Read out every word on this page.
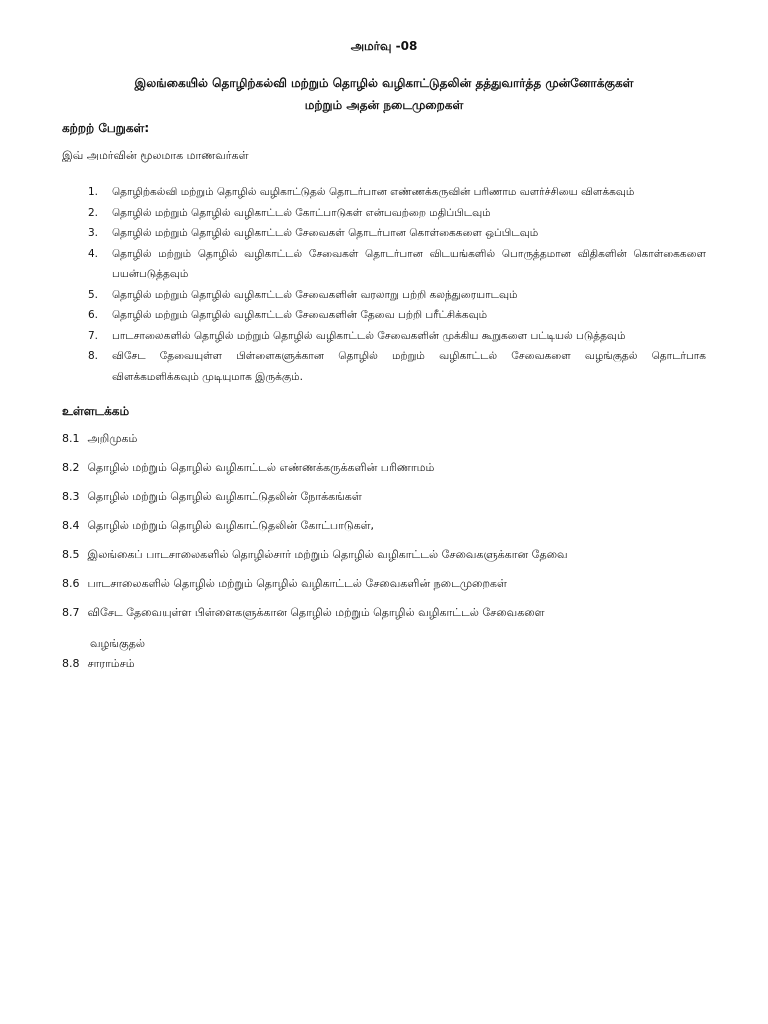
அமர்வு -08
இலங்கையில் தொழிற்கல்வி மற்றும் தொழில் வழிகாட்டுதலின் தத்துவார்த்த முன்னோக்குகள்
மற்றும் அதன் நடைமுறைகள்
கற்றற் பேறுகள்:
இவ் அமர்வின் மூலமாக மாணவர்கள்
1. தொழிற்கல்வி மற்றும் தொழில் வழிகாட்டுதல் தொடர்பான எண்ணக்கருவின் பரிணாம வளர்ச்சியை விளக்கவும்
2. தொழில் மற்றும் தொழில் வழிகாட்டல் கோட்பாடுகள் என்பவற்றை மதிப்பிடவும்
3. தொழில் மற்றும் தொழில் வழிகாட்டல் சேவைகள் தொடர்பான கொள்கைகளை ஒப்பிடவும்
4. தொழில் மற்றும் தொழில் வழிகாட்டல் சேவைகள் தொடர்பான விடயங்களில் பொருத்தமான விதிகளின் கொள்கைகளை பயன்படுத்தவும்
5. தொழில் மற்றும் தொழில் வழிகாட்டல் சேவைகளின் வரலாறு பற்றி கலந்துரையாடவும்
6. தொழில் மற்றும் தொழில் வழிகாட்டல் சேவைகளின் தேவை பற்றி பரீட்சிக்கவும்
7. பாடசாலைகளில் தொழில் மற்றும் தொழில் வழிகாட்டல் சேவைகளின் முக்கிய கூறுகளை பட்டியல் படுத்தவும்
8. விசேட தேவையுள்ள பிள்ளைகளுக்கான தொழில் மற்றும் வழிகாட்டல் சேவைகளை வழங்குதல் தொடர்பாக விளக்கமளிக்கவும் முடியுமாக இருக்கும்.
உள்ளடக்கம்
8.1 அறிமுகம்
8.2 தொழில் மற்றும் தொழில் வழிகாட்டல் எண்ணக்கருக்களின் பரிணாமம்
8.3 தொழில் மற்றும் தொழில் வழிகாட்டுதலின் நோக்கங்கள்
8.4 தொழில் மற்றும் தொழில் வழிகாட்டுதலின் கோட்பாடுகள்,
8.5 இலங்கைப் பாடசாலைகளில் தொழில்சார் மற்றும் தொழில் வழிகாட்டல் சேவைகளுக்கான தேவை
8.6 பாடசாலைகளில் தொழில் மற்றும் தொழில் வழிகாட்டல் சேவைகளின் நடைமுறைகள்
8.7 விசேட தேவையுள்ள பிள்ளைகளுக்கான தொழில் மற்றும் தொழில் வழிகாட்டல் சேவைகளை
வழங்குதல்
8.8 சாராம்சம்
